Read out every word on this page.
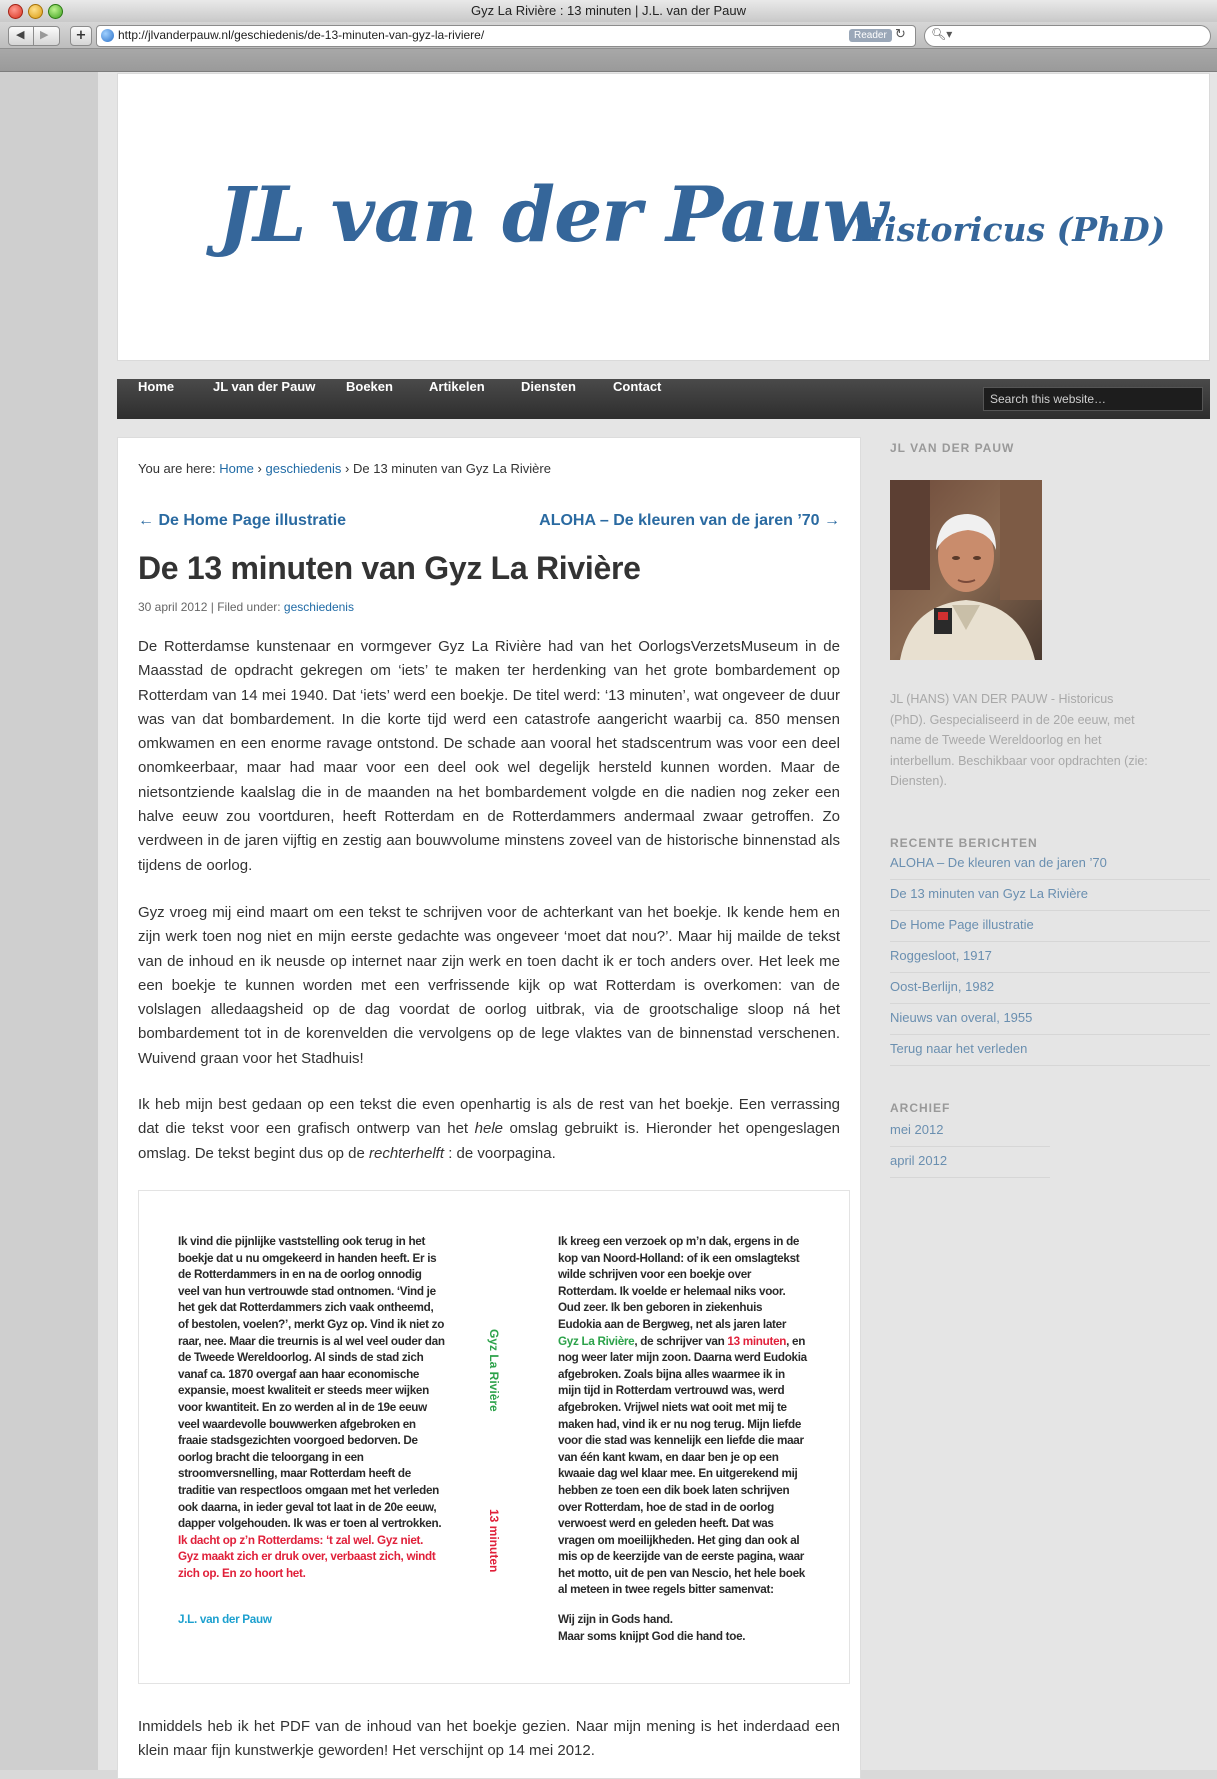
Gyz La Rivière : 13 minuten | J.L. van der Pauw
◀ ▶	+	http://jlvanderpauw.nl/geschiedenis/de-13-minuten-van-gyz-la-riviere/	Reader ↻ 🔍︎▾
JL van der Pauw
Historicus (PhD)
Home	JL van der Pauw Boeken	Artikelen	Diensten	Contact
Search this website…
You are here: Home › geschiedenis › De 13 minuten van Gyz La Rivière
← De Home Page illustratie	ALOHA – De kleuren van de jaren ’70 →
De 13 minuten van Gyz La Rivière
30 april 2012 | Filed under: geschiedenis

De Rotterdamse kunstenaar en vormgever Gyz La Rivière had van het OorlogsVerzetsMuseum in de Maasstad de opdracht gekregen om ‘iets’ te maken ter herdenking van het grote bombardement op Rotterdam van 14 mei 1940. Dat ‘iets’ werd een boekje. De titel werd: ‘13 minuten’, wat ongeveer de duur was van dat bombardement. In die korte tijd werd een catastrofe aangericht waarbij ca. 850 mensen omkwamen en een enorme ravage ontstond. De schade aan vooral het stadscentrum was voor een deel onomkeerbaar, maar had maar voor een deel ook wel degelijk hersteld kunnen worden. Maar de nietsontziende kaalslag die in de maanden na het bombardement volgde en die nadien nog zeker een halve eeuw zou voortduren, heeft Rotterdam en de Rotterdammers andermaal zwaar getroffen. Zo verdween in de jaren vijftig en zestig aan bouwvolume minstens zoveel van de historische binnenstad als tijdens de oorlog.

Gyz vroeg mij eind maart om een tekst te schrijven voor de achterkant van het boekje. Ik kende hem en zijn werk toen nog niet en mijn eerste gedachte was ongeveer ‘moet dat nou?’. Maar hij mailde de tekst van de inhoud en ik neusde op internet naar zijn werk en toen dacht ik er toch anders over. Het leek me een boekje te kunnen worden met een verfrissende kijk op wat Rotterdam is overkomen: van de volslagen alledaagsheid op de dag voordat de oorlog uitbrak, via de grootschalige sloop ná het bombardement tot in de korenvelden die vervolgens op de lege vlaktes van de binnenstad verschenen. Wuivend graan voor het Stadhuis!

Ik heb mijn best gedaan op een tekst die even openhartig is als de rest van het boekje. Een verrassing dat die tekst voor een grafisch ontwerp van het hele omslag gebruikt is. Hieronder het opengeslagen omslag. De tekst begint dus op de rechterhelft : de voorpagina.

Ik vind die pijnlijke vaststelling ook terug in het boekje dat u nu omgekeerd in handen heeft. Er is de Rotterdammers in en na de oorlog onnodig veel van hun vertrouwde stad ontnomen. ‘Vind je het gek dat Rotterdammers zich vaak ontheemd, of bestolen, voelen?’, merkt Gyz op. Vind ik niet zo raar, nee. Maar die treurnis is al wel veel ouder dan de Tweede Wereldoorlog. Al sinds de stad zich vanaf ca. 1870 overgaf aan haar economische expansie, moest kwaliteit er steeds meer wijken voor kwantiteit. En zo werden al in de 19e eeuw veel waardevolle bouwwerken afgebroken en fraaie stadsgezichten voorgoed bedorven. De oorlog bracht die teloorgang in een stroomversnelling, maar Rotterdam heeft de traditie van respectloos omgaan met het verleden ook daarna, in ieder geval tot laat in de 20e eeuw, dapper volgehouden. Ik was er toen al vertrokken. Ik dacht op z’n Rotterdams: ‘t zal wel. Gyz niet. Gyz maakt zich er druk over, verbaast zich, windt zich op. En zo hoort het.

J.L. van der Pauw
Gyz La Rivière
13 minuten

Ik kreeg een verzoek op m’n dak, ergens in de kop van Noord-Holland: of ik een omslagtekst wilde schrijven voor een boekje over Rotterdam. Ik voelde er helemaal niks voor. Oud zeer. Ik ben geboren in ziekenhuis Eudokia aan de Bergweg, net als jaren later Gyz La Rivière, de schrijver van 13 minuten, en nog weer later mijn zoon. Daarna werd Eudokia afgebroken. Zoals bijna alles waarmee ik in mijn tijd in Rotterdam vertrouwd was, werd afgebroken. Vrijwel niets wat ooit met mij te maken had, vind ik er nu nog terug. Mijn liefde voor die stad was kennelijk een liefde die maar van één kant kwam, en daar ben je op een kwaaie dag wel klaar mee. En uitgerekend mij hebben ze toen een dik boek laten schrijven over Rotterdam, hoe de stad in de oorlog verwoest werd en geleden heeft. Dat was vragen om moeilijkheden. Het ging dan ook al mis op de keerzijde van de eerste pagina, waar het motto, uit de pen van Nescio, het hele boek al meteen in twee regels bitter samenvat:

Wij zijn in Gods hand.
Maar soms knijpt God die hand toe.

Inmiddels heb ik het PDF van de inhoud van het boekje gezien. Naar mijn mening is het inderdaad een klein maar fijn kunstwerkje geworden! Het verschijnt op 14 mei 2012.

JL VAN DER PAUW

JL (HANS) VAN DER PAUW - Historicus (PhD). Gespecialiseerd in de 20e eeuw, met name de Tweede Wereldoorlog en het interbellum. Beschikbaar voor opdrachten (zie: Diensten).

RECENTE BERICHTEN
ALOHA – De kleuren van de jaren ’70
De 13 minuten van Gyz La Rivière
De Home Page illustratie
Roggesloot, 1917
Oost-Berlijn, 1982
Nieuws van overal, 1955
Terug naar het verleden
ARCHIEF
mei 2012
april 2012
